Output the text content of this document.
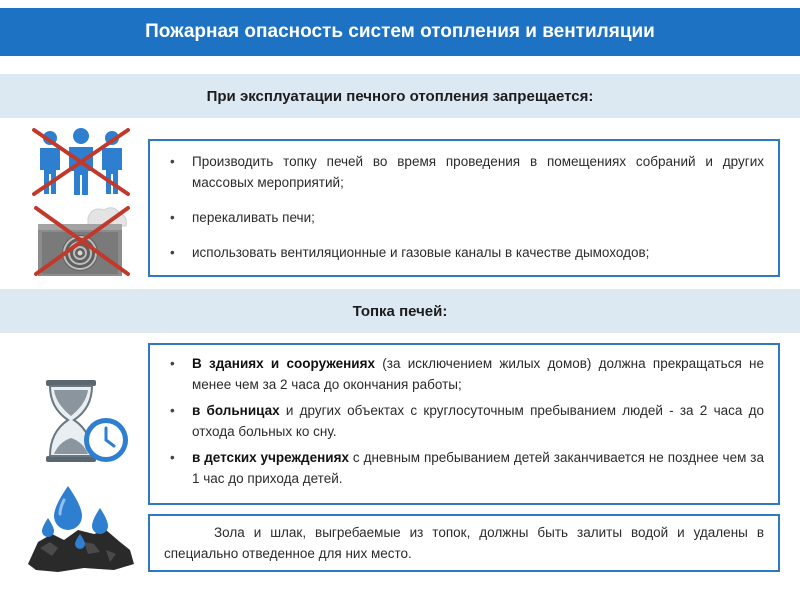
Пожарная опасность систем отопления и вентиляции
При эксплуатации печного отопления запрещается:
• Производить топку печей во время проведения в помещениях собраний и других массовых мероприятий;
• перекаливать печи;
• использовать вентиляционные и газовые каналы в качестве дымоходов;
Топка печей:
• В зданиях и сооружениях (за исключением жилых домов) должна прекращаться не менее чем за 2 часа до окончания работы;
• в больницах и других объектах с круглосуточным пребыванием людей - за 2 часа до отхода больных ко сну.
• в детских учреждениях с дневным пребыванием детей заканчивается не позднее чем за 1 час до прихода детей.
Зола и шлак, выгребаемые из топок, должны быть залиты водой и удалены в специально отведенное для них место.
